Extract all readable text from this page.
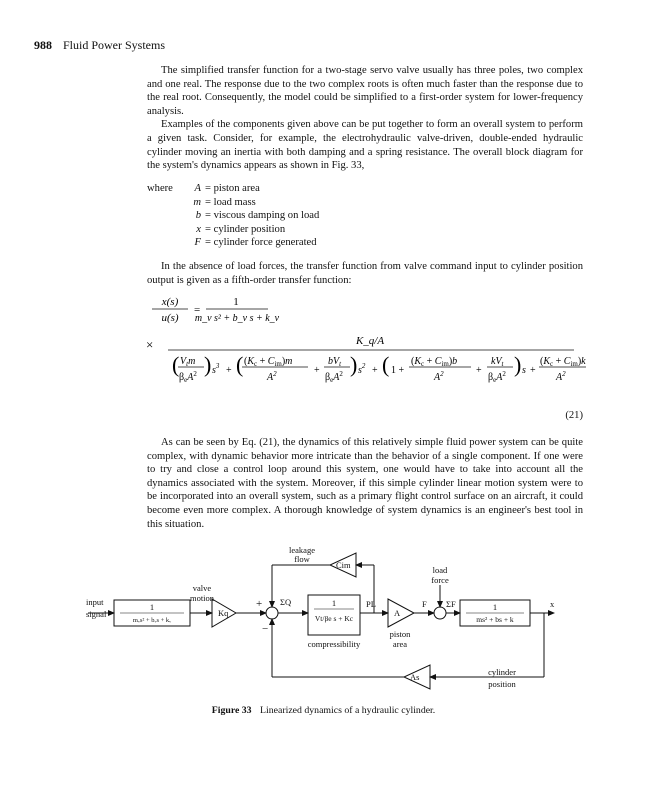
988 Fluid Power Systems

The simplified transfer function for a two-stage servo valve usually has three poles, two complex and one real. The response due to the two complex roots is often much faster than the response due to the real root. Consequently, the model could be simplified to a first-order system for lower-frequency analysis.

Examples of the components given above can be put together to form an overall system to perform a given task. Consider, for example, the electrohydraulic valve-driven, double-ended hydraulic cylinder moving an inertia with both damping and a spring resistance. The overall block diagram for the system's dynamics appears as shown in Fig. 33,

where	A = piston area
m = load mass
b = viscous damping on load
x = cylinder position
F = cylinder force generated

In the absence of load forces, the transfer function from valve command input to cylinder position output is given as a fifth-order transfer function:

x(s)
u(s)
=
1
m_v s² + b_v s + k_v
×	K_q/A
( $V_tm$
$\beta_eA^2$ ) $s^3$ + ( $(K_c + C_{im})m$
$A^2$	+
$bV_t$
$\beta_eA^2$ ) $s^2$ + ( 1 +
$(K_c + C_{im})b$
$A^2$	+
$kV_t$
$\beta_eA^2$ ) s +
$(K_c + C_{im})k$
$A^2$
(21)

As can be seen by Eq. (21), the dynamics of this relatively simple fluid power system can be quite complex, with dynamic behavior more intricate than the behavior of a single component. If one were to try and close a control loop around this system, one would have to take into account all the dynamics associated with the system. Moreover, if this simple cylinder linear motion system were to be incorporated into an overall system, such as a primary flight control surface on an aircraft, it could become even more complex. A thorough knowledge of system dynamics is an engineer's best tool in this situation.

input
signal
1
mᵥs² + bᵥs + kᵥ
valve
motion
Kq
+
−
ΣQ
leakage
flow
Cim
1
Vt/βe s + Kc
compressibility
PL
A
piston
area
F ΣF
load
force
1
ms² + bs + k
x
As	cylinder
position
Figure 33 Linearized dynamics of a hydraulic cylinder.
